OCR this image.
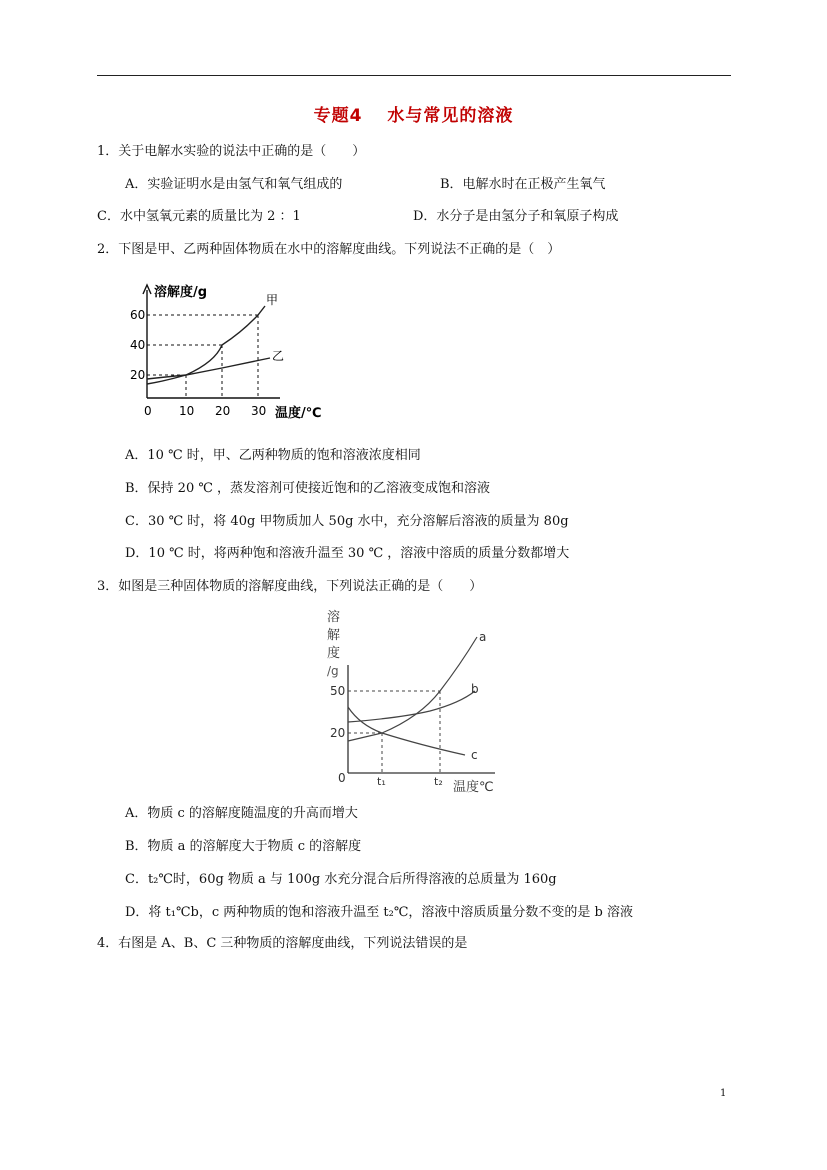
专题4　 水与常见的溶液
1．关于电解水实验的说法中正确的是（　　）
A．实验证明水是由氢气和氧气组成的	B．电解水时在正极产生氧气
C．水中氢氧元素的质量比为 2 ：1	D．水分子是由氢分子和氧原子构成
2．下图是甲、乙两种固体物质在水中的溶解度曲线。下列说法不正确的是（　）
溶解度/g	甲
乙
60
40
20
0 10 20 30 温度/℃
A．10 ℃ 时，甲、乙两种物质的饱和溶液浓度相同
B．保持 20 ℃ ，蒸发溶剂可使接近饱和的乙溶液变成饱和溶液
C．30 ℃ 时，将 40g 甲物质加人 50g 水中，充分溶解后溶液的质量为 80g
D．10 ℃ 时，将两种饱和溶液升温至 30 ℃ ，溶液中溶质的质量分数都增大
3．如图是三种固体物质的溶解度曲线，下列说法正确的是（　　）
溶
解
度
/g
50
20
a
b
c
0	t₁	t₂ 温度℃
A．物质 c 的溶解度随温度的升高而增大
B．物质 a 的溶解度大于物质 c 的溶解度
C．t₂℃时，60g 物质 a 与 100g 水充分混合后所得溶液的总质量为 160g
D．将 t₁℃b，c 两种物质的饱和溶液升温至 t₂℃，溶液中溶质质量分数不变的是 b 溶液
4．右图是 A、B、C 三种物质的溶解度曲线，下列说法错误的是
1
